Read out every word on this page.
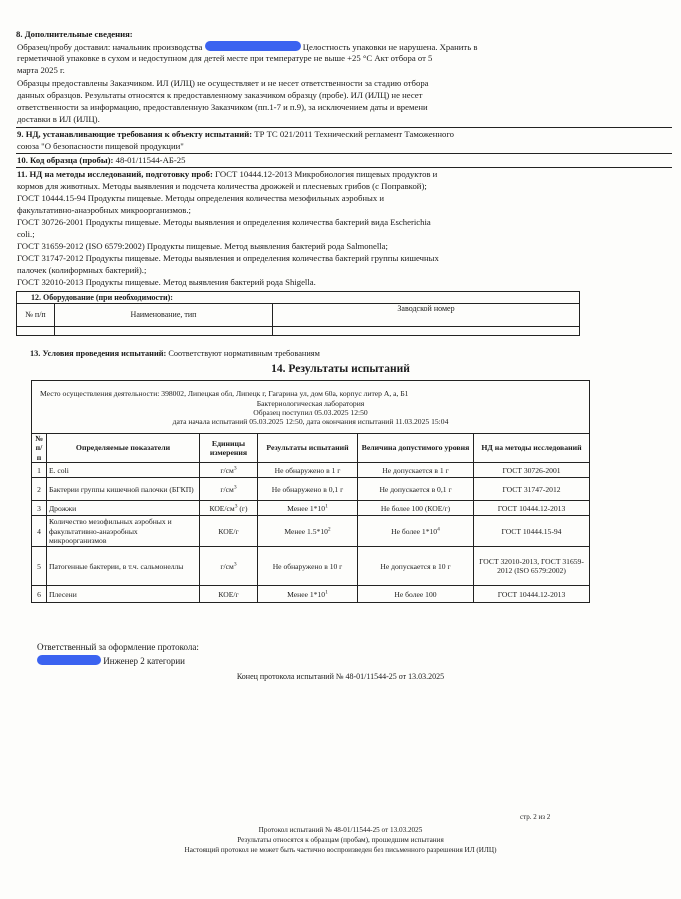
8. Дополнительные сведения:
Образец/пробу доставил: начальник производства	Целостность упаковки не нарушена. Хранить в
герметичной упаковке в сухом и недоступном для детей месте при температуре не выше +25 °C Акт отбора от 5
марта 2025 г.
Образцы предоставлены Заказчиком. ИЛ (ИЛЦ) не осуществляет и не несет ответственности за стадию отбора
данных образцов. Результаты относятся к предоставленному заказчиком образцу (пробе). ИЛ (ИЛЦ) не несет
ответственности за информацию, предоставленную Заказчиком (пп.1-7 и п.9), за исключением даты и времени
доставки в ИЛ (ИЛЦ).
9. НД, устанавливающие требования к объекту испытаний: ТР ТС 021/2011 Технический регламент Таможенного
союза "О безопасности пищевой продукции"
10. Код образца (пробы): 48-01/11544-АБ-25
11. НД на методы исследований, подготовку проб: ГОСТ 10444.12-2013 Микробиология пищевых продуктов и
кормов для животных. Методы выявления и подсчета количества дрожжей и плесневых грибов (с Поправкой);
ГОСТ 10444.15-94 Продукты пищевые. Методы определения количества мезофильных аэробных и
факультативно-анаэробных микроорганизмов.;
ГОСТ 30726-2001 Продукты пищевые. Методы выявления и определения количества бактерий вида Escherichia
coli.;
ГОСТ 31659-2012 (ISO 6579:2002) Продукты пищевые. Метод выявления бактерий рода Salmonella;
ГОСТ 31747-2012 Продукты пищевые. Методы выявления и определения количества бактерий группы кишечных
палочек (колиформных бактерий).;
ГОСТ 32010-2013 Продукты пищевые. Метод выявления бактерий рода Shigella.
12. Оборудование (при необходимости):		
№ п/п	Наименование, тип	Заводской номер

13. Условия проведения испытаний: Соответствуют нормативным требованиям
14. Результаты испытаний
Место осуществления деятельности: 398002, Липецкая обл, Липецк г, Гагарина ул, дом 60а, корпус литер А, а, Б1
Бактериологическая лаборатория
Образец поступил 05.03.2025 12:50
дата начала испытаний 05.03.2025 12:50, дата окончания испытаний 11.03.2025 15:04					

№ п/п	Определяемые показатели	Единицы измерения	Результаты испытаний	Величина допустимого уровня	НД на методы исследований
1	E. coli	$г/см^3$	Не обнаружено в 1 г	Не допускается в 1 г	ГОСТ 30726-2001
2	Бактерии группы кишечной палочки (БГКП)	$г/см^3$	Не обнаружено в 0,1 г	Не допускается в 0,1 г	ГОСТ 31747-2012
3	Дрожжи	КОЕ/$см^3$ (г)	Менее $1*10^1$	Не более 100 (КОЕ/г)	ГОСТ 10444.12-2013
4	Количество мезофильных аэробных и факультативно-анаэробных микроорганизмов	КОЕ/г	Менее $1.5*10^2$	Не более $1*10^4$	ГОСТ 10444.15-94
5	Патогенные бактерии, в т.ч. сальмонеллы	$г/см^3$	Не обнаружено в 10 г	Не допускается в 10 г	ГОСТ 32010-2013, ГОСТ 31659-2012 (ISO 6579:2002)
6	Плесени	КОЕ/г	Менее $1*10^1$	Не более 100	ГОСТ 10444.12-2013
Ответственный за оформление протокола:
Инженер 2 категории
Конец протокола испытаний № 48-01/11544-25 от 13.03.2025
стр. 2 из 2
Протокол испытаний № 48-01/11544-25 от 13.03.2025
Результаты относятся к образцам (пробам), прошедшим испытания
Настоящий протокол не может быть частично воспроизведен без письменного разрешения ИЛ (ИЛЦ)
